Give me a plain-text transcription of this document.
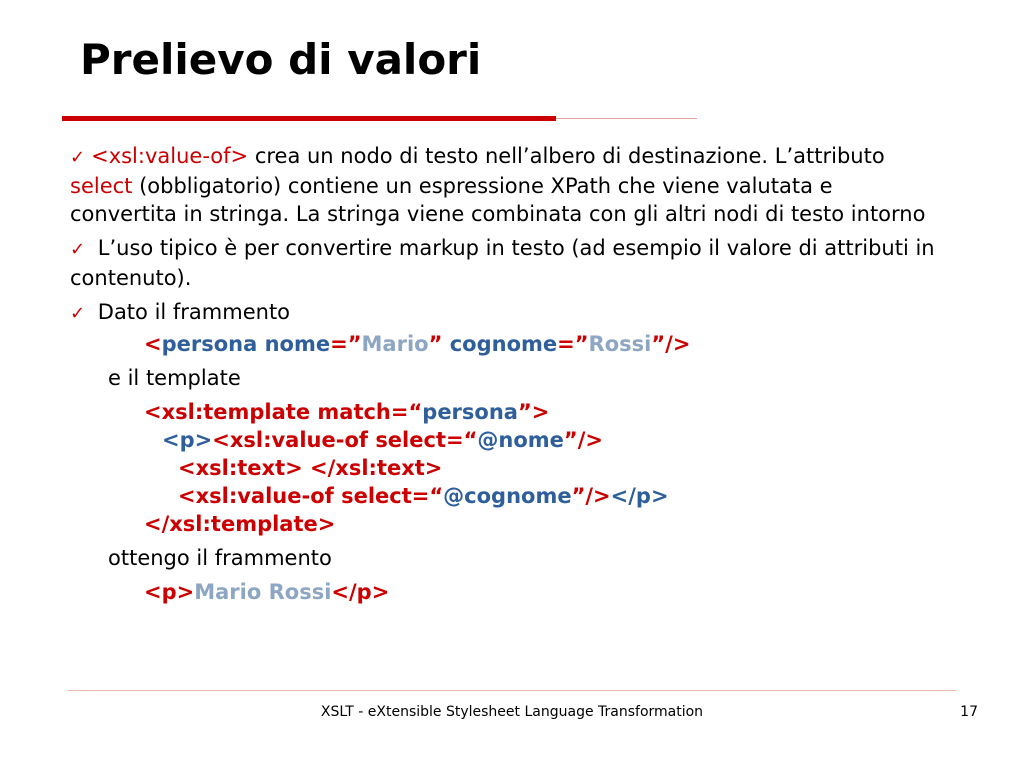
Prelievo di valori
✓ <xsl:value-of> crea un nodo di testo nell’albero di destinazione. L’attributo select (obbligatorio) contiene un espressione XPath che viene valutata e convertita in stringa. La stringa viene combinata con gli altri nodi di testo intorno
✓ L’uso tipico è per convertire markup in testo (ad esempio il valore di attributi in contenuto).
✓ Dato il frammento
<persona nome=”Mario” cognome=”Rossi”/>
e il template
<xsl:template match=“persona”>
<p><xsl:value-of select=“@nome”/>
<xsl:text> </xsl:text>
<xsl:value-of select=“@cognome”/></p>
</xsl:template>
ottengo il frammento
<p>Mario Rossi</p>
XSLT - eXtensible Stylesheet Language Transformation	17
